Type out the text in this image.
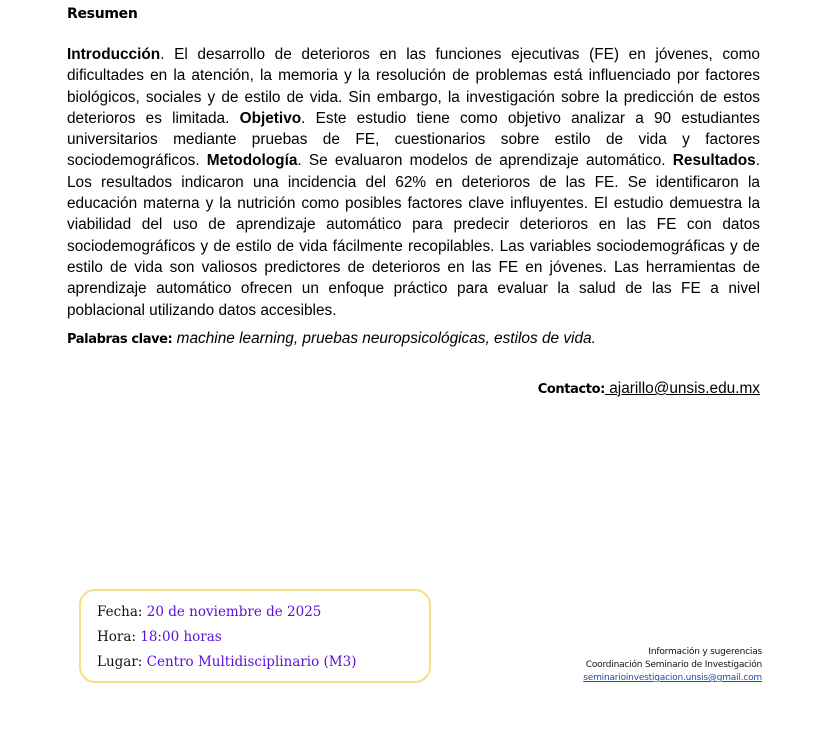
Resumen

Introducción. El desarrollo de deterioros en las funciones ejecutivas (FE) en jóvenes, como dificultades en la atención, la memoria y la resolución de problemas está influenciado por factores biológicos, sociales y de estilo de vida. Sin embargo, la investigación sobre la predicción de estos deterioros es limitada. Objetivo. Este estudio tiene como objetivo analizar a 90 estudiantes universitarios mediante pruebas de FE, cuestionarios sobre estilo de vida y factores sociodemográficos. Metodología. Se evaluaron modelos de aprendizaje automático. Resultados. Los resultados indicaron una incidencia del 62% en deterioros de las FE. Se identificaron la educación materna y la nutrición como posibles factores clave influyentes. El estudio demuestra la viabilidad del uso de aprendizaje automático para predecir deterioros en las FE con datos sociodemográficos y de estilo de vida fácilmente recopilables. Las variables sociodemográficas y de estilo de vida son valiosos predictores de deterioros en las FE en jóvenes. Las herramientas de aprendizaje automático ofrecen un enfoque práctico para evaluar la salud de las FE a nivel poblacional utilizando datos accesibles.

Palabras clave: machine learning, pruebas neuropsicológicas, estilos de vida.
Contacto: ajarillo@unsis.edu.mx
Fecha: 20 de noviembre de 2025
Hora: 18:00 horas
Lugar: Centro Multidisciplinario (M3)
Información y sugerencias
Coordinación Seminario de Investigación
seminarioinvestigacion.unsis@gmail.com
